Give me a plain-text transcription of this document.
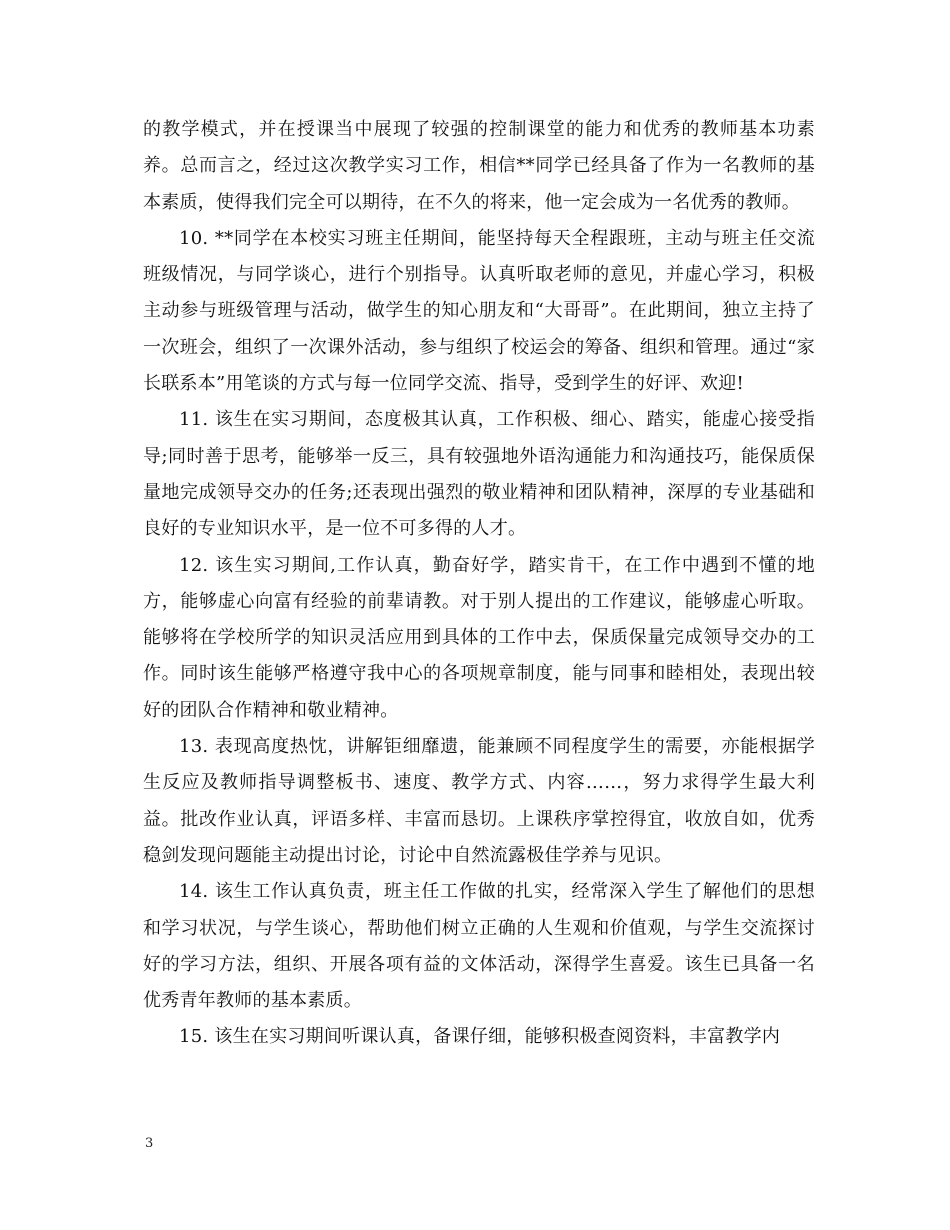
的教学模式，并在授课当中展现了较强的控制课堂的能力和优秀的教师基本功素养。总而言之，经过这次教学实习工作，相信**同学已经具备了作为一名教师的基本素质，使得我们完全可以期待，在不久的将来，他一定会成为一名优秀的教师。

10. **同学在本校实习班主任期间，能坚持每天全程跟班，主动与班主任交流班级情况，与同学谈心，进行个别指导。认真听取老师的意见，并虚心学习，积极主动参与班级管理与活动，做学生的知心朋友和“大哥哥”。在此期间，独立主持了一次班会，组织了一次课外活动，参与组织了校运会的筹备、组织和管理。通过“家长联系本”用笔谈的方式与每一位同学交流、指导，受到学生的好评、欢迎!

11. 该生在实习期间，态度极其认真，工作积极、细心、踏实，能虚心接受指导;同时善于思考，能够举一反三，具有较强地外语沟通能力和沟通技巧，能保质保量地完成领导交办的任务;还表现出强烈的敬业精神和团队精神，深厚的专业基础和良好的专业知识水平，是一位不可多得的人才。

12. 该生实习期间,工作认真，勤奋好学，踏实肯干，在工作中遇到不懂的地方，能够虚心向富有经验的前辈请教。对于别人提出的工作建议，能够虚心听取。能够将在学校所学的知识灵活应用到具体的工作中去，保质保量完成领导交办的工作。同时该生能够严格遵守我中心的各项规章制度，能与同事和睦相处，表现出较好的团队合作精神和敬业精神。

13. 表现高度热忱，讲解钜细靡遗，能兼顾不同程度学生的需要，亦能根据学生反应及教师指导调整板书、速度、教学方式、内容……，努力求得学生最大利益。批改作业认真，评语多样、丰富而恳切。上课秩序掌控得宜，收放自如，优秀稳剑发现问题能主动提出讨论，讨论中自然流露极佳学养与见识。

14. 该生工作认真负责，班主任工作做的扎实，经常深入学生了解他们的思想和学习状况，与学生谈心，帮助他们树立正确的人生观和价值观，与学生交流探讨好的学习方法，组织、开展各项有益的文体活动，深得学生喜爱。该生已具备一名优秀青年教师的基本素质。

15. 该生在实习期间听课认真，备课仔细，能够积极查阅资料，丰富教学内

3
